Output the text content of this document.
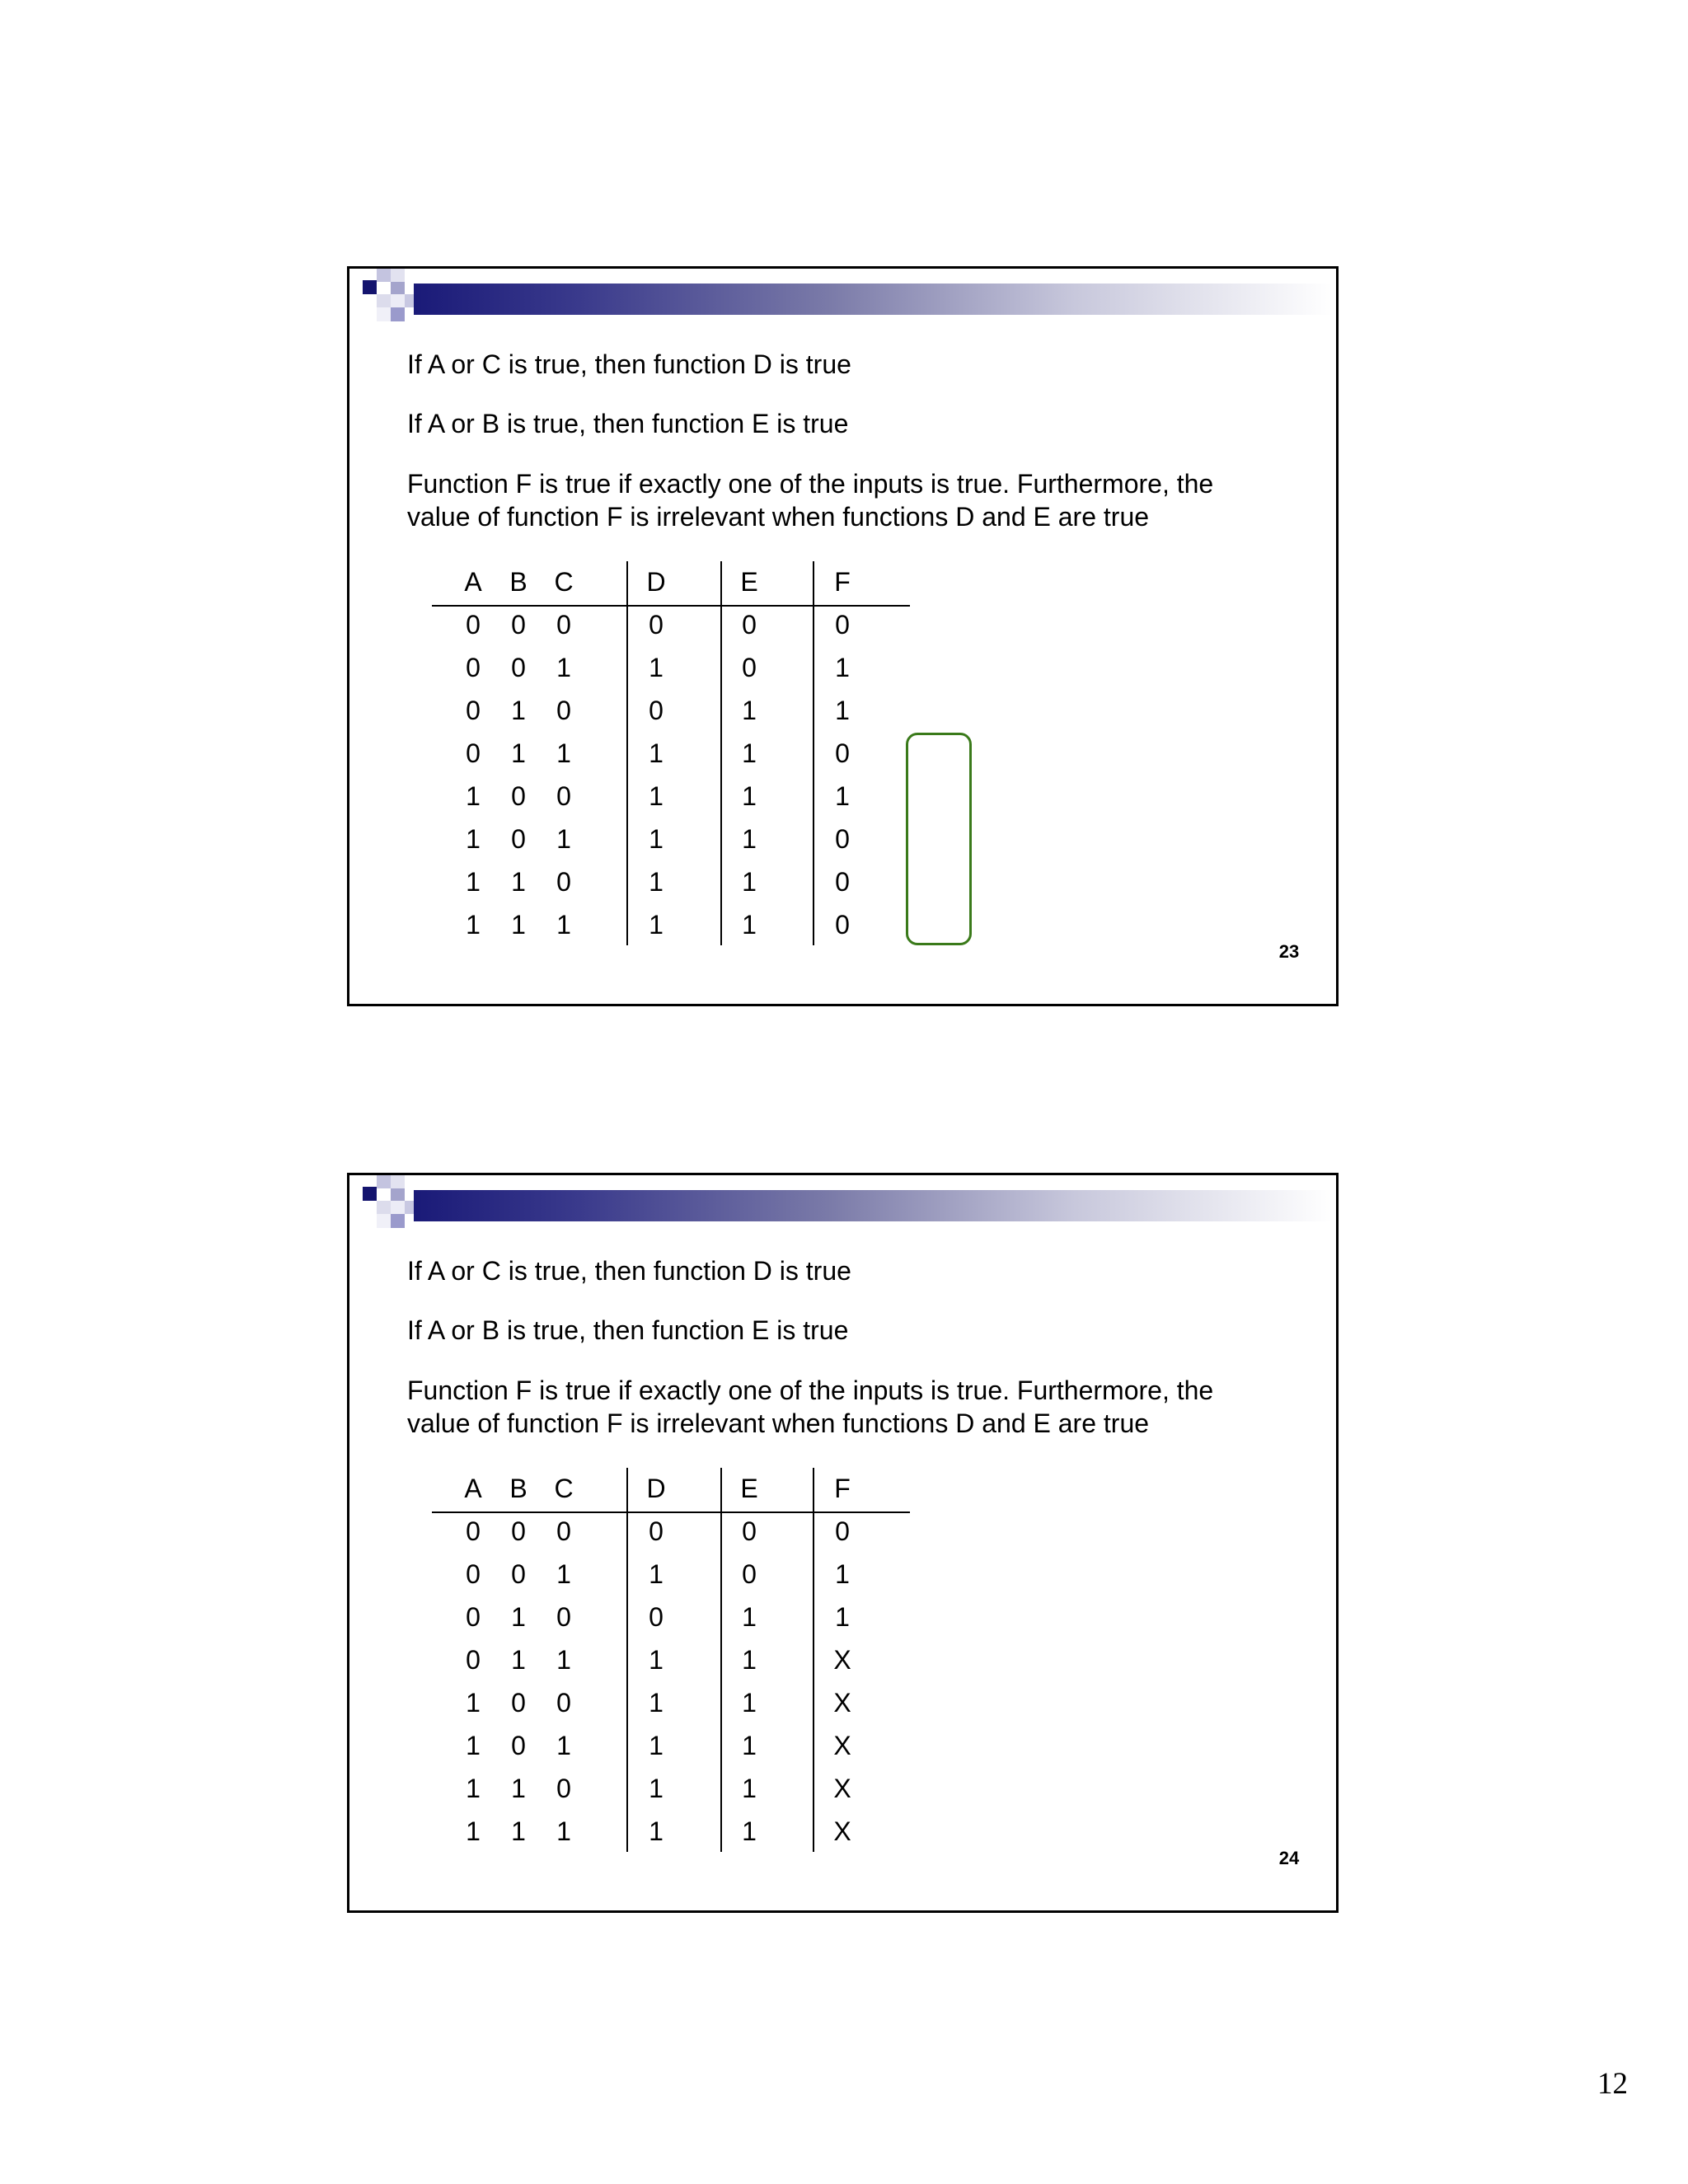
If A or C is true, then function D is true

If A or B is true, then function E is true

Function F is true if exactly one of the inputs is true. Furthermore, the

value of function F is irrelevant when functions D and E are true

A B C	D	E	F
0	0	0	0	0	0
0	0	1	1	0	1
0	1	0	0	1	1
0	1	1	1	1	0
1	0	0	1	1	1
1	0	1	1	1	0
1	1	0	1	1	0
1	1	1	1	1	0
23

If A or C is true, then function D is true

If A or B is true, then function E is true

Function F is true if exactly one of the inputs is true. Furthermore, the

value of function F is irrelevant when functions D and E are true

A B C	D	E	F
0	0	0	0	0	0
0	0	1	1	0	1
0	1	0	0	1	1
0	1	1	1	1	X
1	0	0	1	1	X
1	0	1	1	1	X
1	1	0	1	1	X
1	1	1	1	1	X
24
12
